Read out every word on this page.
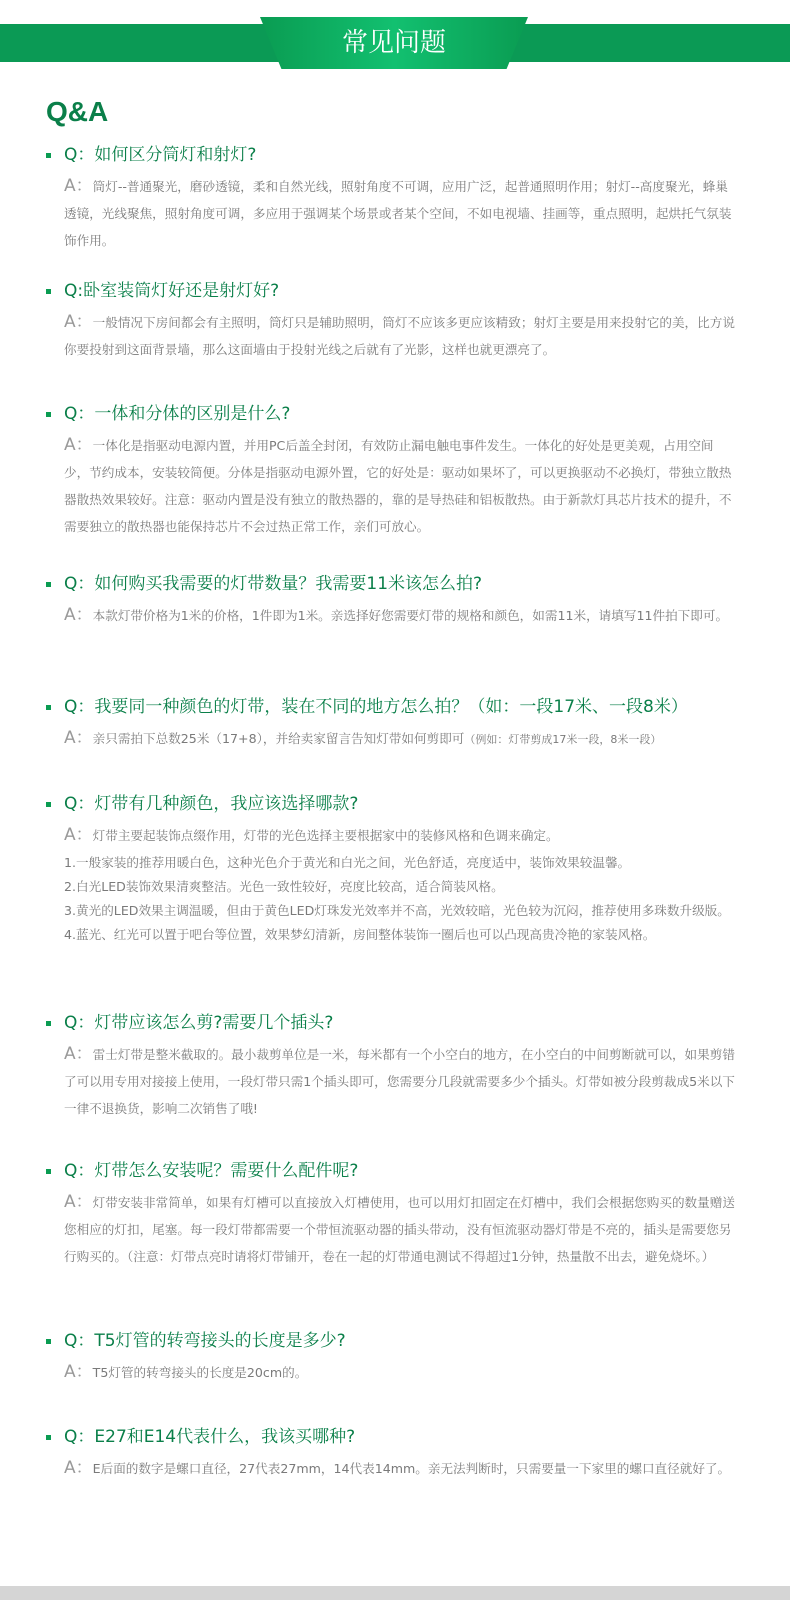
常见问题
Q&A
Q：如何区分筒灯和射灯?
A：筒灯--普通聚光，磨砂透镜，柔和自然光线，照射角度不可调，应用广泛，起普通照明作用；射灯--高度聚光，蜂巢透镜，光线聚焦，照射角度可调，多应用于强调某个场景或者某个空间，不如电视墙、挂画等，重点照明，起烘托气氛装饰作用。
Q:卧室装筒灯好还是射灯好?
A：一般情况下房间都会有主照明，筒灯只是辅助照明，筒灯不应该多更应该精致；射灯主要是用来投射它的美，比方说你要投射到这面背景墙，那么这面墙由于投射光线之后就有了光影，这样也就更漂亮了。
Q：一体和分体的区别是什么?
A：一体化是指驱动电源内置，并用PC后盖全封闭，有效防止漏电触电事件发生。一体化的好处是更美观，占用空间少，节约成本，安装较简便。分体是指驱动电源外置，它的好处是：驱动如果坏了，可以更换驱动不必换灯，带独立散热器散热效果较好。注意：驱动内置是没有独立的散热器的，靠的是导热硅和铝板散热。由于新款灯具芯片技术的提升，不需要独立的散热器也能保持芯片不会过热正常工作，亲们可放心。
Q：如何购买我需要的灯带数量？我需要11米该怎么拍?
A：本款灯带价格为1米的价格，1件即为1米。亲选择好您需要灯带的规格和颜色，如需11米，请填写11件拍下即可。
Q：我要同一种颜色的灯带，装在不同的地方怎么拍？（如：一段17米、一段8米）
A：亲只需拍下总数25米（17+8），并给卖家留言告知灯带如何剪即可（例如：灯带剪成17米一段，8米一段）
Q：灯带有几种颜色，我应该选择哪款?
A：灯带主要起装饰点缀作用，灯带的光色选择主要根据家中的装修风格和色调来确定。
1.一般家装的推荐用暖白色，这种光色介于黄光和白光之间，光色舒适，亮度适中，装饰效果较温馨。
2.白光LED装饰效果清爽整洁。光色一致性较好，亮度比较高，适合简装风格。
3.黄光的LED效果主调温暖，但由于黄色LED灯珠发光效率并不高，光效较暗，光色较为沉闷，推荐使用多珠数升级版。
4.蓝光、红光可以置于吧台等位置，效果梦幻清新，房间整体装饰一圈后也可以凸现高贵冷艳的家装风格。
Q：灯带应该怎么剪?需要几个插头?
A：雷士灯带是整米截取的。最小裁剪单位是一米，每米都有一个小空白的地方，在小空白的中间剪断就可以，如果剪错了可以用专用对接接上使用，一段灯带只需1个插头即可，您需要分几段就需要多少个插头。灯带如被分段剪裁成5米以下一律不退换货，影响二次销售了哦!
Q：灯带怎么安装呢？需要什么配件呢?
A：灯带安装非常简单，如果有灯槽可以直接放入灯槽使用，也可以用灯扣固定在灯槽中，我们会根据您购买的数量赠送您相应的灯扣，尾塞。每一段灯带都需要一个带恒流驱动器的插头带动，没有恒流驱动器灯带是不亮的，插头是需要您另行购买的。（注意：灯带点亮时请将灯带铺开，卷在一起的灯带通电测试不得超过1分钟，热量散不出去，避免烧坏。）
Q：T5灯管的转弯接头的长度是多少?
A：T5灯管的转弯接头的长度是20cm的。
Q：E27和E14代表什么，我该买哪种?
A：E后面的数字是螺口直径，27代表27mm，14代表14mm。亲无法判断时，只需要量一下家里的螺口直径就好了。
